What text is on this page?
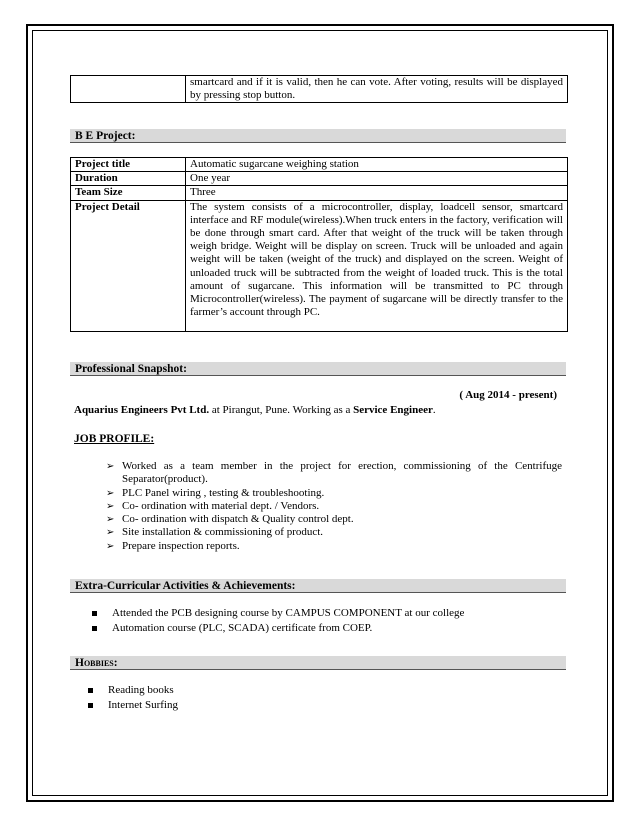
	smartcard and if it is valid, then he can vote. After voting, results will be displayed by pressing stop button.
B E Project:
Project title	Automatic sugarcane weighing station
Duration	One year
Team Size	Three
Project Detail	The system consists of a microcontroller, display, loadcell sensor, smartcard interface and RF module(wireless).When truck enters in the factory, verification will be done through smart card. After that weight of the truck will be taken through weigh bridge. Weight will be display on screen. Truck will be unloaded and again weight will be taken (weight of the truck) and displayed on the screen. Weight of unloaded truck will be subtracted from the weight of loaded truck. This is the total amount of sugarcane. This information will be transmitted to PC through Microcontroller(wireless). The payment of sugarcane will be directly transfer to the farmer’s account through PC.
Professional Snapshot:
( Aug 2014 - present)
Aquarius Engineers Pvt Ltd. at Pirangut, Pune. Working as a Service Engineer.
JOB PROFILE:
➢ Worked as a team member in the project for erection, commissioning of the Centrifuge Separator(product).
➢ PLC Panel wiring , testing & troubleshooting.
➢ Co- ordination with material dept. / Vendors.
➢ Co- ordination with dispatch & Quality control dept.
➢ Site installation & commissioning of product.
➢ Prepare inspection reports.
Extra-Curricular Activities & Achievements:
Attended the PCB designing course by CAMPUS COMPONENT at our college
Automation course (PLC, SCADA) certificate from COEP.
Hobbies:
Reading books
Internet Surfing
